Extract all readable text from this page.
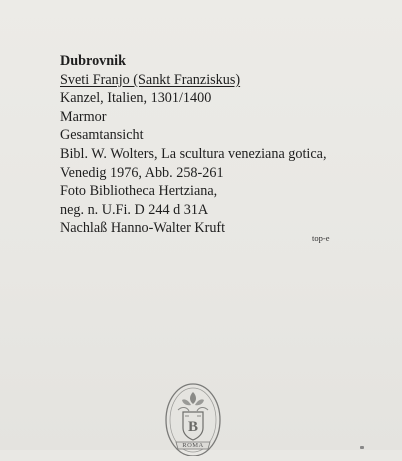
Dubrovnik
Sveti Franjo (Sankt Franziskus)
Kanzel, Italien, 1301/1400
Marmor
Gesamtansicht
Bibl. W. Wolters, La scultura veneziana gotica,
Venedig 1976, Abb. 258-261
Foto Bibliotheca Hertziana,
neg. n. U.Fi. D 244 d 31A
Nachlaß Hanno-Walter Kruft
top-e
B
ROMA
